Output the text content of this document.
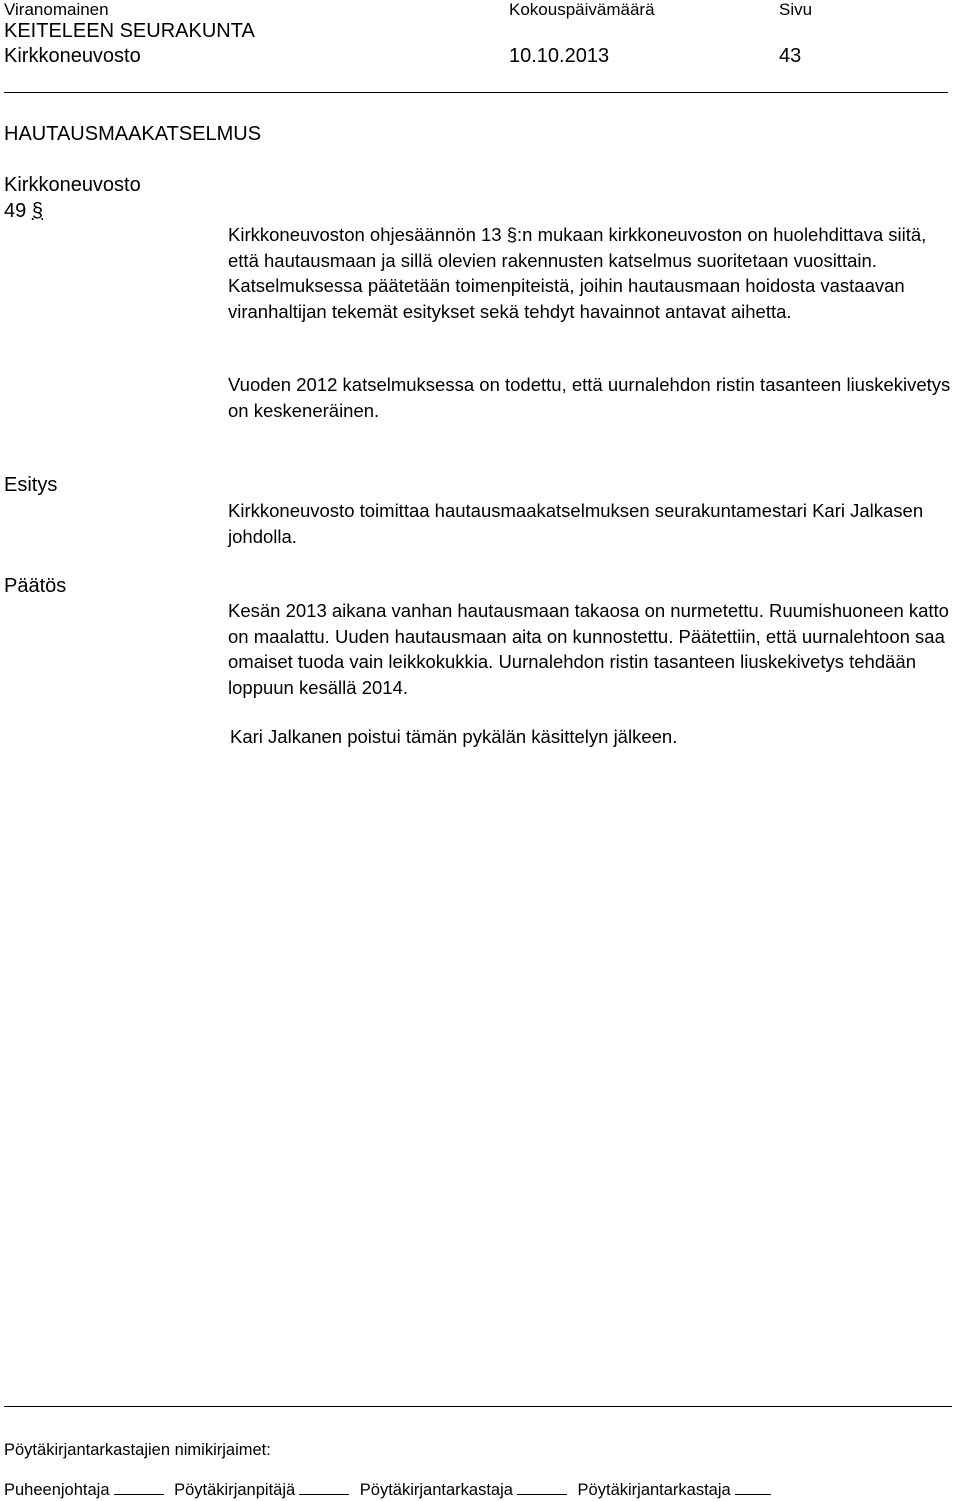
Viranomainen	Kokouspäivämäärä	Sivu
KEITELEEN SEURAKUNTA
Kirkkoneuvosto	10.10.2013	43
HAUTAUSMAAKATSELMUS
Kirkkoneuvosto
49 §

Kirkkoneuvoston ohjesäännön 13 §:n mukaan kirkkoneuvoston on huolehdittava siitä, että hautausmaan ja sillä olevien rakennusten katselmus suoritetaan vuosittain. Katselmuksessa päätetään toimenpiteistä, joihin hautausmaan hoidosta vastaavan viranhaltijan tekemät esitykset sekä tehdyt havainnot antavat aihetta.

Vuoden 2012 katselmuksessa on todettu, että uurnalehdon ristin tasanteen liuskekivetys on keskeneräinen.

Esitys

Kirkkoneuvosto toimittaa hautausmaakatselmuksen seurakuntamestari Kari Jalkasen johdolla.

Päätös

Kesän 2013 aikana vanhan hautausmaan takaosa on nurmetettu. Ruumishuoneen katto on maalattu. Uuden hautausmaan aita on kunnostettu. Päätettiin, että uurnalehtoon saa omaiset tuoda vain leikkokukkia. Uurnalehdon ristin tasanteen liuskekivetys tehdään loppuun kesällä 2014.

Kari Jalkanen poistui tämän pykälän käsittelyn jälkeen.
Pöytäkirjantarkastajien nimikirjaimet:
Puheenjohtaja	Pöytäkirjanpitäjä	Pöytäkirjantarkastaja	Pöytäkirjantarkastaja
